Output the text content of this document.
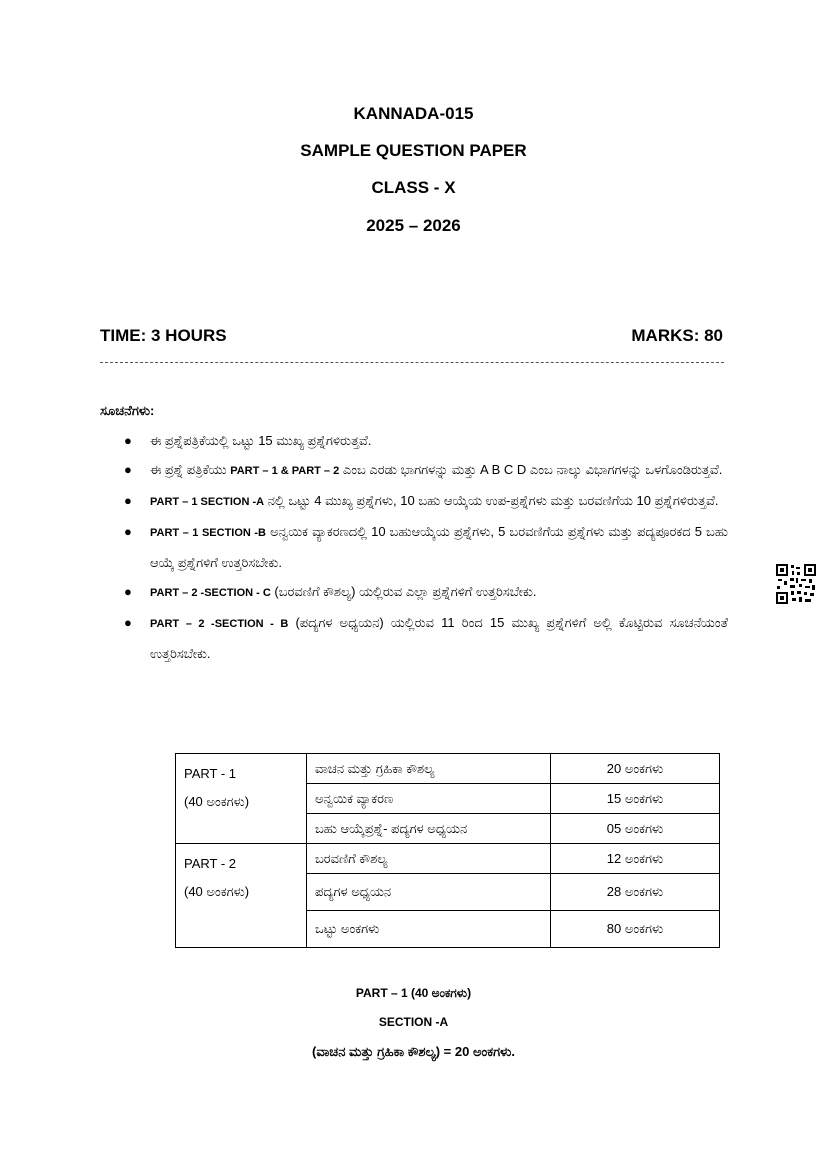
KANNADA-015
SAMPLE QUESTION PAPER
CLASS - X
2025 – 2026
TIME: 3 HOURS	MARKS: 80
ಸೂಚನೆಗಳು:
● ಈ ಪ್ರಶ್ನೆಪತ್ರಿಕೆಯಲ್ಲಿ ಒಟ್ಟು 15 ಮುಖ್ಯ ಪ್ರಶ್ನೆಗಳಿರುತ್ತವೆ.
● ಈ ಪ್ರಶ್ನೆ ಪತ್ರಿಕೆಯು PART – 1 & PART – 2 ಎಂಬ ಎರಡು ಭಾಗಗಳನ್ನು ಮತ್ತು A B C D ಎಂಬ ನಾಲ್ಕು ವಿಭಾಗಗಳನ್ನು ಒಳಗೊಂಡಿರುತ್ತವೆ.
● PART – 1 SECTION -A ನಲ್ಲಿ ಒಟ್ಟು 4 ಮುಖ್ಯ ಪ್ರಶ್ನೆಗಳು, 10 ಬಹು ಆಯ್ಕೆಯ ಉಪ-ಪ್ರಶ್ನೆಗಳು ಮತ್ತು ಬರವಣಿಗೆಯ 10 ಪ್ರಶ್ನೆಗಳಿರುತ್ತವೆ.
● PART – 1 SECTION -B ಅನ್ವಯಿಕ ವ್ಯಾಕರಣದಲ್ಲಿ 10 ಬಹುಆಯ್ಕೆಯ ಪ್ರಶ್ನೆಗಳು, 5 ಬರವಣಿಗೆಯ ಪ್ರಶ್ನೆಗಳು ಮತ್ತು ಪದ್ಯಪೂರಕದ 5 ಬಹು ಆಯ್ಕೆ ಪ್ರಶ್ನೆಗಳಿಗೆ ಉತ್ತರಿಸಬೇಕು.
● PART – 2 -SECTION - C (ಬರವಣಿಗೆ ಕೌಶಲ್ಯ) ಯಲ್ಲಿರುವ ಎಲ್ಲಾ ಪ್ರಶ್ನೆಗಳಿಗೆ ಉತ್ತರಿಸಬೇಕು.
● PART – 2 -SECTION - B (ಪದ್ಯಗಳ ಅಧ್ಯಯನ) ಯಲ್ಲಿರುವ 11 ರಿಂದ 15 ಮುಖ್ಯ ಪ್ರಶ್ನೆಗಳಿಗೆ ಅಲ್ಲಿ ಕೊಟ್ಟಿರುವ ಸೂಚನೆಯಂತೆ ಉತ್ತರಿಸಬೇಕು.
PART - 1
(40 ಅಂಕಗಳು)	ವಾಚನ ಮತ್ತು ಗ್ರಹಿಕಾ ಕೌಶಲ್ಯ	20 ಅಂಕಗಳು
	ಅನ್ವಯಿಕ ವ್ಯಾಕರಣ	15 ಅಂಕಗಳು
	ಬಹು ಆಯ್ಕೆಪ್ರಶ್ನೆ- ಪದ್ಯಗಳ ಅಧ್ಯಯನ	05 ಅಂಕಗಳು

PART - 2
(40 ಅಂಕಗಳು)	ಬರವಣಿಗೆ ಕೌಶಲ್ಯ	12 ಅಂಕಗಳು
	ಪದ್ಯಗಳ ಅಧ್ಯಯನ	28 ಅಂಕಗಳು
	ಒಟ್ಟು ಅಂಕಗಳು	80 ಅಂಕಗಳು
PART – 1 (40 ಅಂಕಗಳು)
SECTION -A
(ವಾಚನ ಮತ್ತು ಗ್ರಹಿಕಾ ಕೌಶಲ್ಯ) = 20 ಅಂಕಗಳು.
